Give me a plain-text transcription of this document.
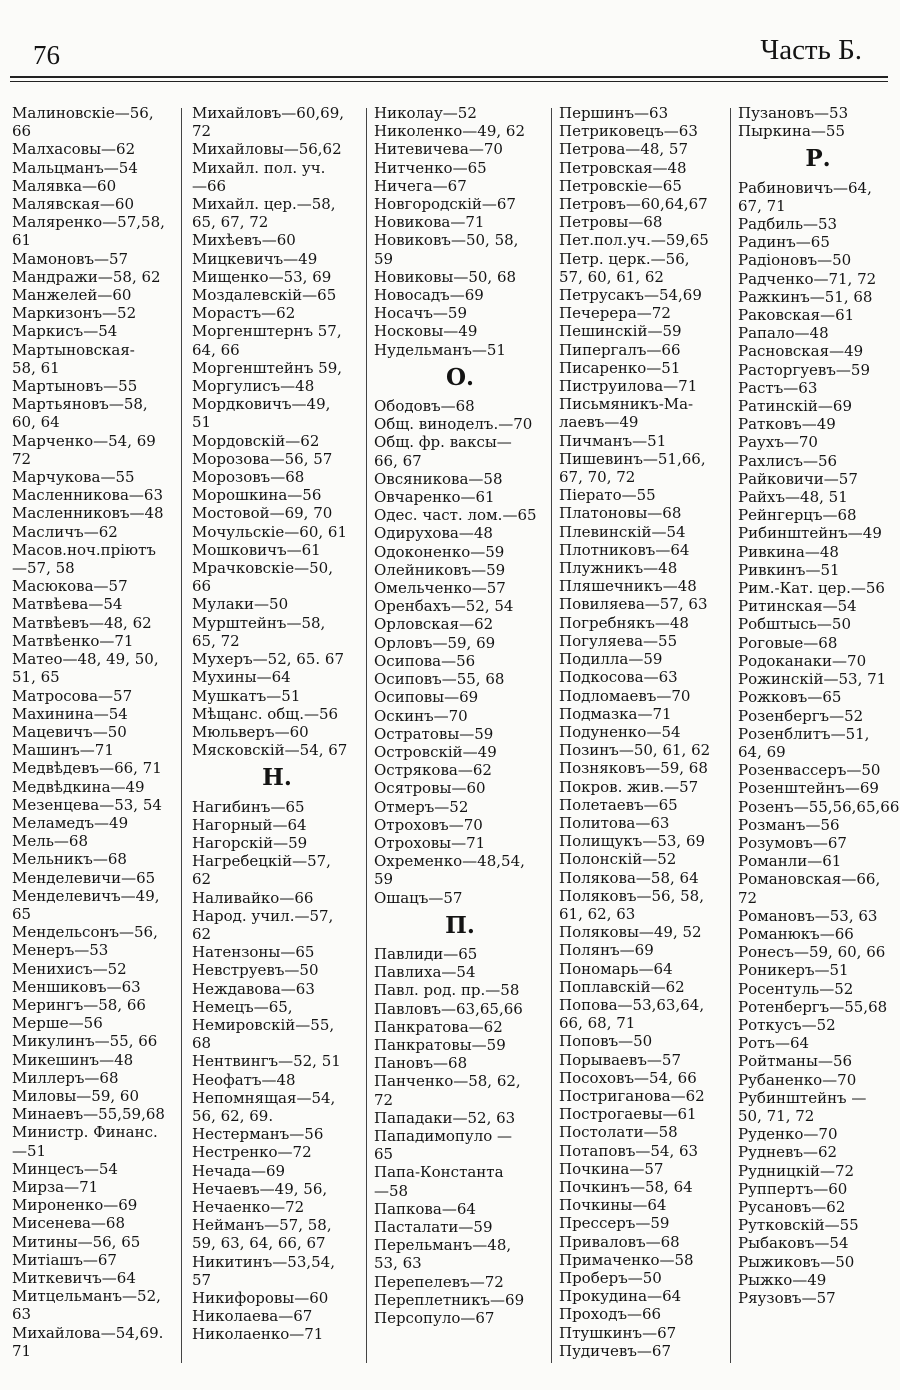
76	Часть Б.
Малиновскіе—56,
66
Малхасовы—62
Мальцманъ—54
Малявка—60
Малявская—60
Маляренко—57,58,
61
Мамоновъ—57
Мандражи—58, 62
Манжелей—60
Маркизонъ—52
Маркисъ—54
Мартыновская-
58, 61
Мартыновъ—55
Мартьяновъ—58,
60, 64
Марченко—54, 69
72
Марчукова—55
Масленникова—63
Масленниковъ—48
Масличъ—62
Масов.ноч.пріютъ
—57, 58
Масюкова—57
Матвѣева—54
Матвѣевъ—48, 62
Матвѣенко—71
Матео—48, 49, 50,
51, 65
Матросова—57
Махинина—54
Мацевичъ—50
Машинъ—71
Медвѣдевъ—66, 71
Медвѣдкина—49
Мезенцева—53, 54
Меламедъ—49
Мель—68
Мельникъ—68
Менделевичи—65
Менделевичъ—49,
65
Мендельсонъ—56,
Менеръ—53
Менихисъ—52
Меншиковъ—63
Мерингъ—58, 66
Мерше—56
Микулинъ—55, 66
Микешинъ—48
Миллеръ—68
Миловы—59, 60
Минаевъ—55,59,68
Министр. Финанс.
—51
Минцесъ—54
Мирза—71
Мироненко—69
Мисенева—68
Митины—56, 65
Митіашъ—67
Миткевичъ—64
Митцельманъ—52,
63
Михайлова—54,69.
71
Михайловъ—60,69,
72
Михайловы—56,62
Михайл. пол. уч.
—66
Михайл. цер.—58,
65, 67, 72
Михѣевъ—60
Мицкевичъ—49
Мищенко—53, 69
Моздалевскій—65
Морастъ—62
Моргенштернъ 57,
64, 66
Моргенштейнъ 59,
Моргулисъ—48
Мордковичъ—49,
51
Мордовскій—62
Морозова—56, 57
Морозовъ—68
Морошкина—56
Мостовой—69, 70
Мочульскіе—60, 61
Мошковичъ—61
Мрачковскіе—50,
66
Мулаки—50
Мурштейнъ—58,
65, 72
Мухеръ—52, 65. 67
Мухины—64
Мушкатъ—51
Мѣщанс. общ.—56
Мюльверъ—60
Мясковскій—54, 67
Н.
Нагибинъ—65
Нагорный—64
Нагорскій—59
Нагребецкій—57,
62
Наливайко—66
Народ. учил.—57,
62
Натензоны—65
Невструевъ—50
Неждавова—63
Немецъ—65,
Немировскій—55,
68
Нентвингъ—52, 51
Неофатъ—48
Непомнящая—54,
56, 62, 69.
Нестерманъ—56
Нестренко—72
Нечада—69
Нечаевъ—49, 56,
Нечаенко—72
Нейманъ—57, 58,
59, 63, 64, 66, 67
Никитинъ—53,54,
57
Никифоровы—60
Николаева—67
Николаенко—71
Николау—52
Николенко—49, 62
Нитевичева—70
Нитченко—65
Ничега—67
Новгородскій—67
Новикова—71
Новиковъ—50, 58,
59
Новиковы—50, 68
Новосадъ—69
Носачъ—59
Носковы—49
Нудельманъ—51
О.
Ободовъ—68
Общ. виноделъ.—70
Общ. фр. ваксы—
66, 67
Овсяникова—58
Овчаренко—61
Одес. част. лом.—65
Одирухова—48
Одоконенко—59
Олейниковъ—59
Омельченко—57
Оренбахъ—52, 54
Орловская—62
Орловъ—59, 69
Осипова—56
Осиповъ—55, 68
Осиповы—69
Оскинъ—70
Остратовы—59
Островскій—49
Острякова—62
Осятровы—60
Отмеръ—52
Отроховъ—70
Отроховы—71
Охременко—48,54,
59
Ошацъ—57
П.
Павлиди—65
Павлиха—54
Павл. род. пр.—58
Павловъ—63,65,66
Панкратова—62
Панкратовы—59
Пановъ—68
Панченко—58, 62,
72
Пападаки—52, 63
Пападимопуло —
65
Папа-Константа
—58
Папкова—64
Пасталати—59
Перельманъ—48,
53, 63
Перепелевъ—72
Переплетникъ—69
Персопуло—67
Першинъ—63
Петриковецъ—63
Петрова—48, 57
Петровская—48
Петровскіе—65
Петровъ—60,64,67
Петровы—68
Пет.пол.уч.—59,65
Петр. церк.—56,
57, 60, 61, 62
Петрусакъ—54,69
Печерера—72
Пешинскій—59
Пипергалъ—66
Писаренко—51
Пиструилова—71
Письмяникъ-Ма-
лаевъ—49
Пичманъ—51
Пишевинъ—51,66,
67, 70, 72
Піерато—55
Платоновы—68
Плевинскій—54
Плотниковъ—64
Плужникъ—48
Пляшечникъ—48
Повиляева—57, 63
Погребнякъ—48
Погуляева—55
Подилла—59
Подкосова—63
Подломаевъ—70
Подмазка—71
Подуненко—54
Позинъ—50, 61, 62
Позняковъ—59, 68
Покров. жив.—57
Полетаевъ—65
Политова—63
Полищукъ—53, 69
Полонскій—52
Полякова—58, 64
Поляковъ—56, 58,
61, 62, 63
Поляковы—49, 52
Полянъ—69
Пономарь—64
Поплавскій—62
Попова—53,63,64,
66, 68, 71
Поповъ—50
Порываевъ—57
Посоховъ—54, 66
Постриганова—62
Построгаевы—61
Постолати—58
Потаповъ—54, 63
Почкина—57
Почкинъ—58, 64
Почкины—64
Прессеръ—59
Приваловъ—68
Примаченко—58
Проберъ—50
Прокудина—64
Проходъ—66
Птушкинъ—67
Пудичевъ—67
Пузановъ—53
Пыркина—55
Р.
Рабиновичъ—64,
67, 71
Радбиль—53
Радинъ—65
Радіоновъ—50
Радченко—71, 72
Ражкинъ—51, 68
Раковская—61
Рапало—48
Расновская—49
Расторгуевъ—59
Растъ—63
Ратинскій—69
Ратковъ—49
Раухъ—70
Рахлисъ—56
Райковичи—57
Райхъ—48, 51
Рейнгерцъ—68
Рибинштейнъ—49
Ривкина—48
Ривкинъ—51
Рим.-Кат. цер.—56
Ритинская—54
Робштысь—50
Роговые—68
Родоканаки—70
Рожинскій—53, 71
Рожковъ—65
Розенбергъ—52
Розенблитъ—51,
64, 69
Розенвассеръ—50
Розенштейнъ—69
Розенъ—55,56,65,66
Розманъ—56
Розумовъ—67
Романли—61
Романовская—66,
72
Романовъ—53, 63
Романюкъ—66
Ронесъ—59, 60, 66
Роникеръ—51
Росентуль—52
Ротенбергъ—55,68
Роткусъ—52
Ротъ—64
Ройтманы—56
Рубаненко—70
Рубинштейнъ —
50, 71, 72
Руденко—70
Рудневъ—62
Рудницкій—72
Руппертъ—60
Русановъ—62
Рутковскій—55
Рыбаковъ—54
Рыжиковъ—50
Рыжко—49
Ряузовъ—57
